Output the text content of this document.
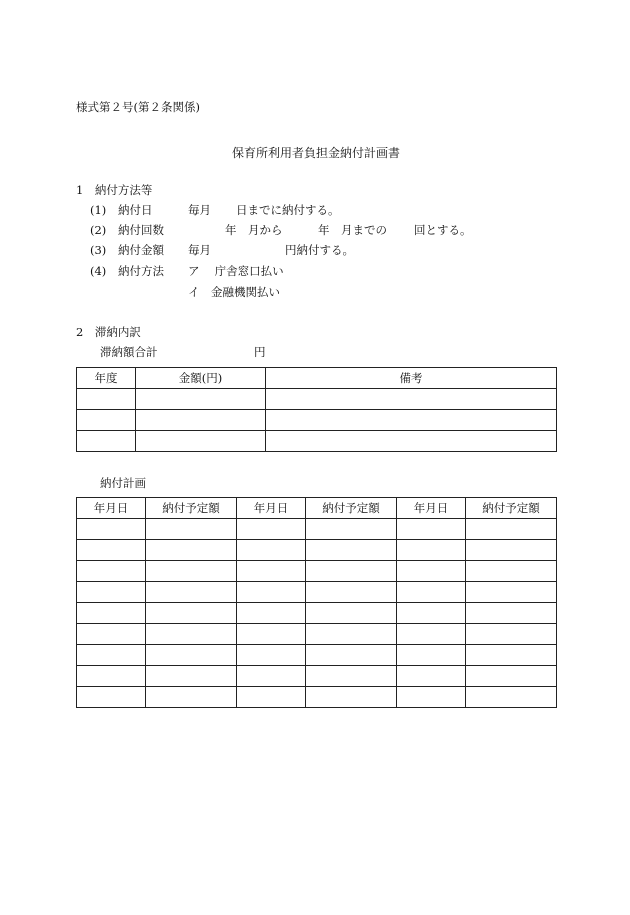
様式第２号(第２条関係)
保育所利用者負担金納付計画書
1　納付方法等
(1) 納付日	毎月 日までに納付する。
(2) 納付回数	年　月から	年　月までの 回とする。
(3) 納付金額 毎月	円納付する。
(4) 納付方法 ア　 庁舎窓口払い
イ　金融機関払い
2　滞納内訳
滞納額合計	円
年度	金額(円)	備考

納付計画
年月日	納付予定額	年月日	納付予定額	年月日	納付予定額
